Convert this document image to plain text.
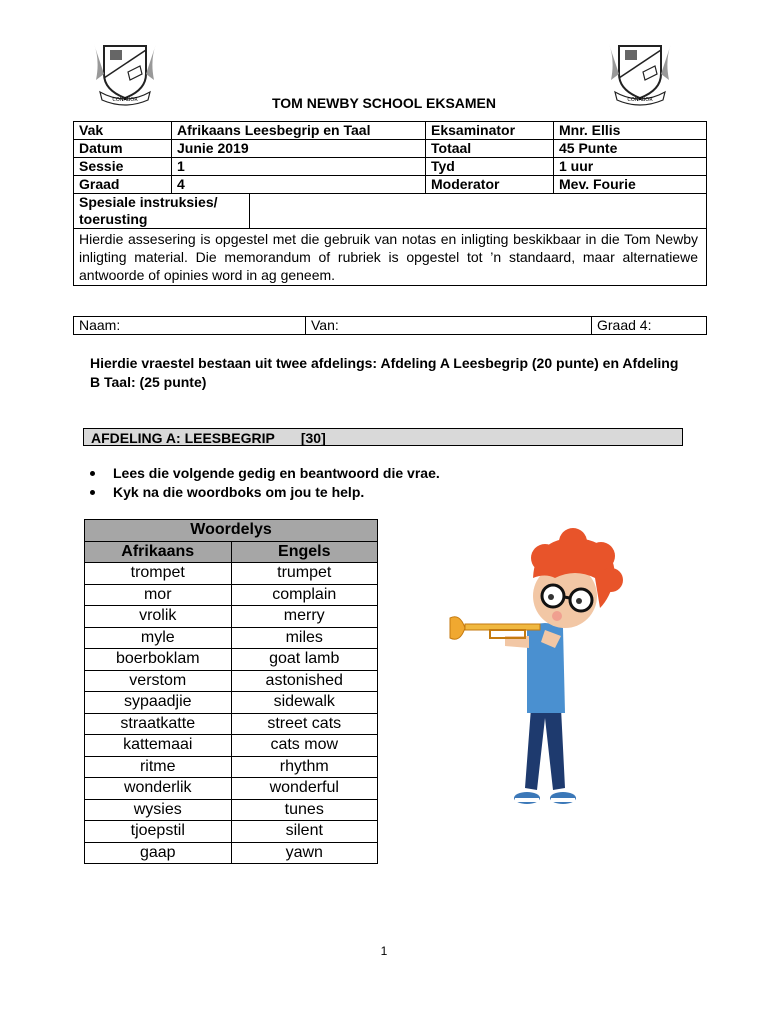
CONABOR	CONABOR
TOM NEWBY SCHOOL EKSAMEN
Vak	Afrikaans Leesbegrip en Taal	Eksaminator	Mnr. Ellis
Datum	Junie 2019	Totaal	45 Punte
Sessie	1	Tyd	1 uur
Graad	4	Moderator	Mev. Fourie

Spesiale instruksies/ toerusting	

Hierdie assesering is opgestel met die gebruik van notas en inligting beskikbaar in die Tom Newby inligting material. Die memorandum of rubriek is opgestel tot ’n standaard, maar alternatiewe antwoorde of opinies word in ag geneem.
Naam:	Van:	Graad 4:
Hierdie vraestel bestaan uit twee afdelings: Afdeling A Leesbegrip (20 punte) en Afdeling B Taal: (25 punte)
AFDELING A: LEESBEGRIP [30]
Lees die volgende gedig en beantwoord die vrae.
Kyk na die woordboks om jou te help.
Woordelys	
Afrikaans	Engels
trompet	trumpet
mor	complain
vrolik	merry
myle	miles
boerboklam	goat lamb
verstom	astonished
sypaadjie	sidewalk
straatkatte	street cats
kattemaai	cats mow
ritme	rhythm
wonderlik	wonderful
wysies	tunes
tjoepstil	silent
gaap	yawn
1
